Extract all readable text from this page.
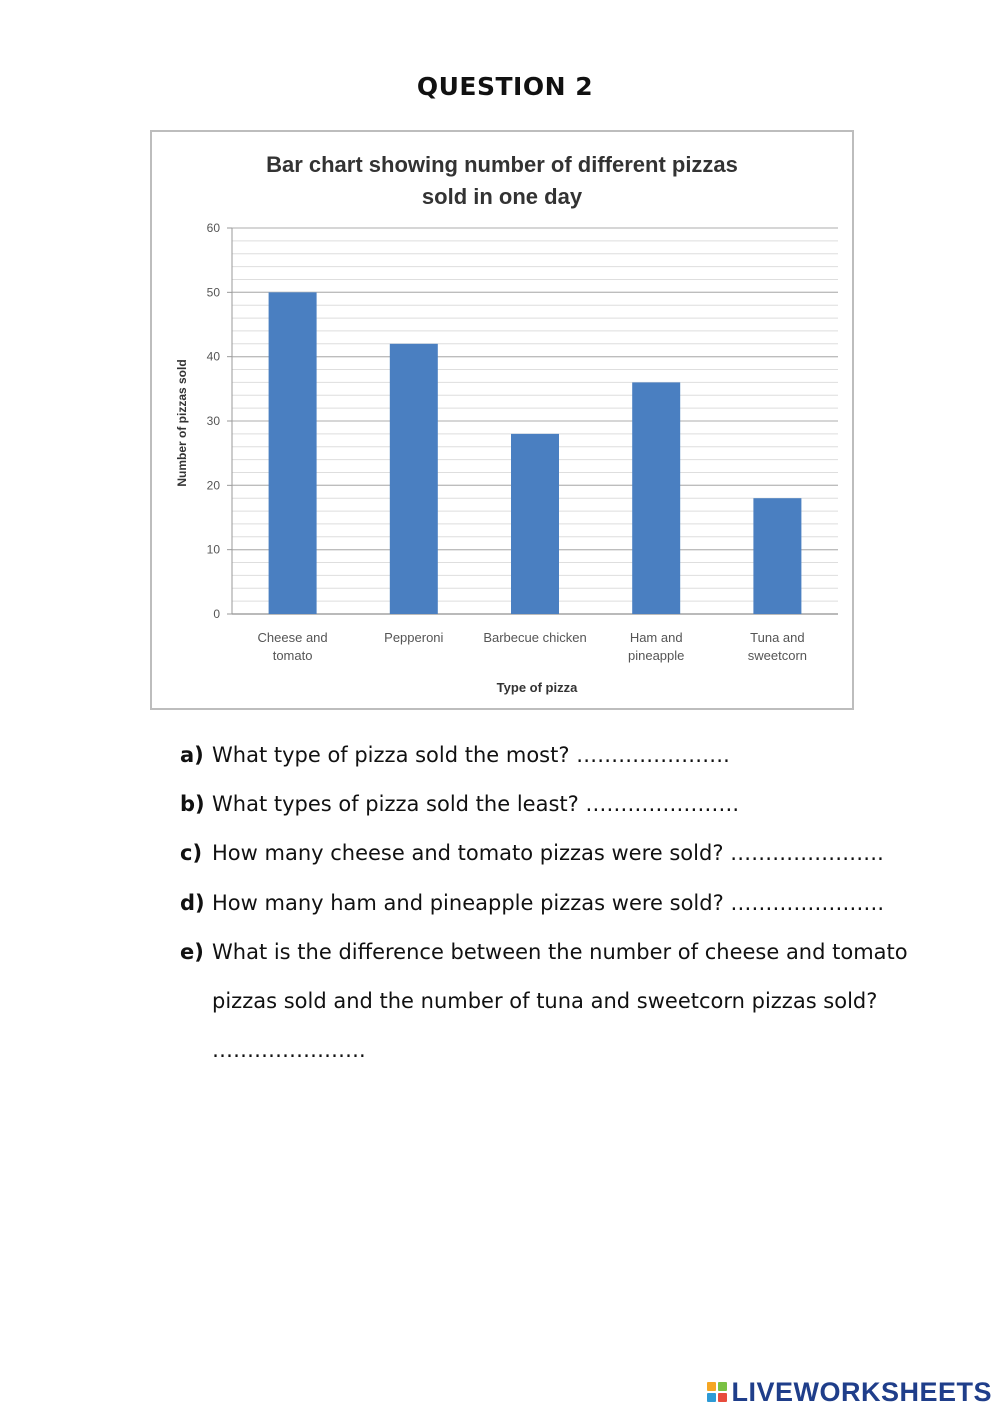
QUESTION 2
Bar chart showing number of different pizzas
sold in one day
0
10
20
30
40
50
60
Cheese and
tomato
Pepperoni	Barbecue chicken	Ham and
pineapple
Tuna and
sweetcorn
Type of pizza
Number of pizzas sold
a) What type of pizza sold the most? ………………….
b) What types of pizza sold the least? ………………….
c) How many cheese and tomato pizzas were sold? ………………….
d) How many ham and pineapple pizzas were sold? ………………….
e) What is the difference between the number of cheese and tomato
pizzas sold and the number of tuna and sweetcorn pizzas sold?
………………….
LIVEWORKSHEETS
